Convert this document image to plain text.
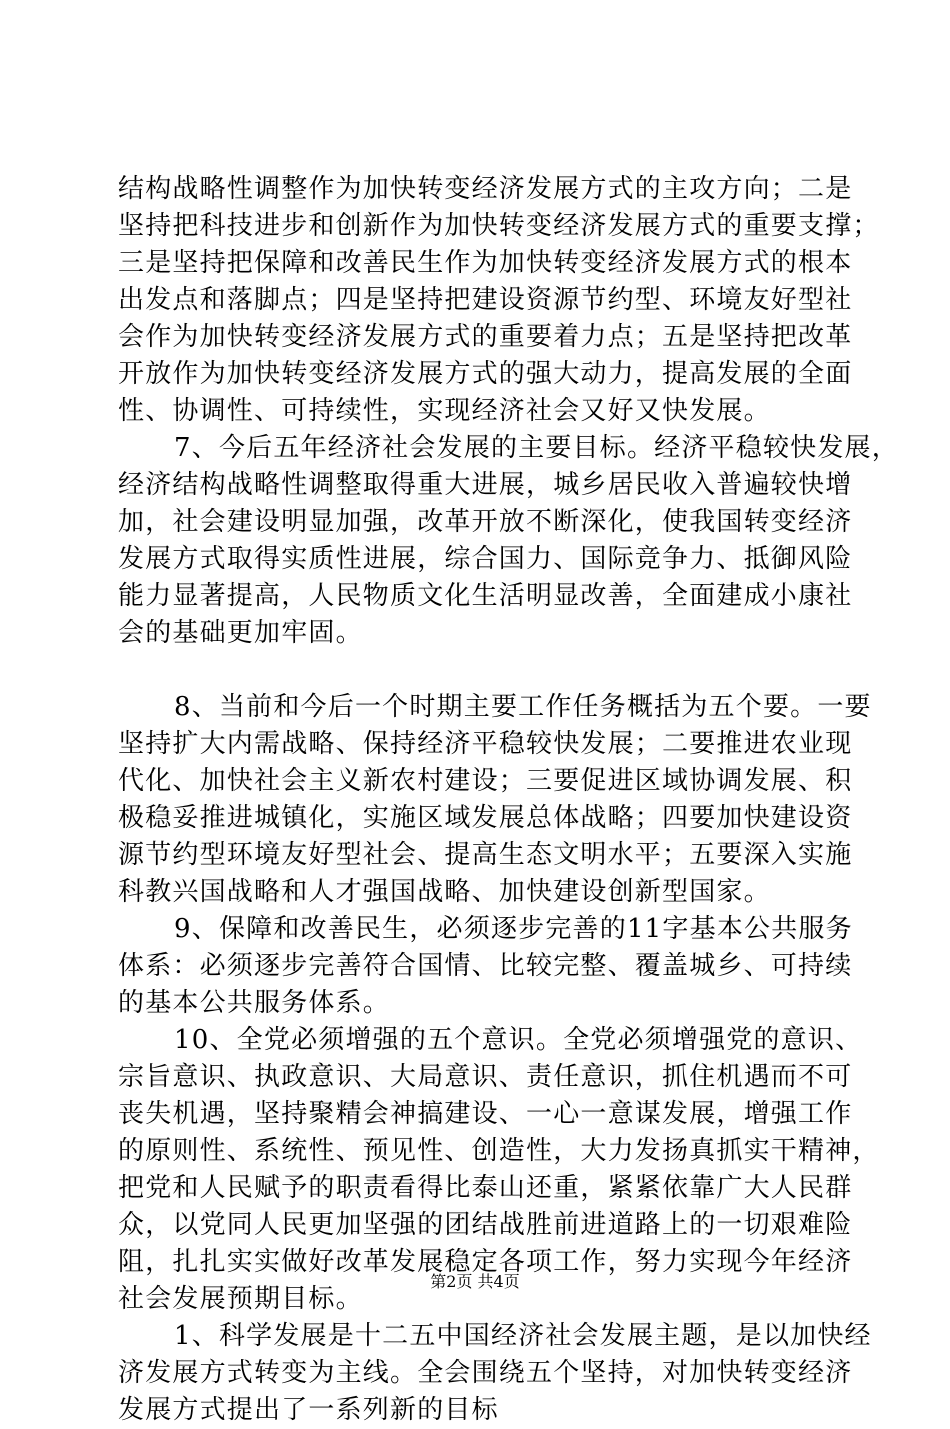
结构战略性调整作为加快转变经济发展方式的主攻方向；二是
坚持把科技进步和创新作为加快转变经济发展方式的重要支撑；
三是坚持把保障和改善民生作为加快转变经济发展方式的根本
出发点和落脚点；四是坚持把建设资源节约型、环境友好型社
会作为加快转变经济发展方式的重要着力点；五是坚持把改革
开放作为加快转变经济发展方式的强大动力，提高发展的全面
性、协调性、可持续性，实现经济社会又好又快发展。
7、今后五年经济社会发展的主要目标。经济平稳较快发展，
经济结构战略性调整取得重大进展，城乡居民收入普遍较快增
加，社会建设明显加强，改革开放不断深化，使我国转变经济
发展方式取得实质性进展，综合国力、国际竞争力、抵御风险
能力显著提高，人民物质文化生活明显改善，全面建成小康社
会的基础更加牢固。
8、当前和今后一个时期主要工作任务概括为五个要。一要
坚持扩大内需战略、保持经济平稳较快发展；二要推进农业现
代化、加快社会主义新农村建设；三要促进区域协调发展、积
极稳妥推进城镇化，实施区域发展总体战略；四要加快建设资
源节约型环境友好型社会、提高生态文明水平；五要深入实施
科教兴国战略和人才强国战略、加快建设创新型国家。
9、保障和改善民生，必须逐步完善的11字基本公共服务
体系：必须逐步完善符合国情、比较完整、覆盖城乡、可持续
的基本公共服务体系。
10、全党必须增强的五个意识。全党必须增强党的意识、
宗旨意识、执政意识、大局意识、责任意识，抓住机遇而不可
丧失机遇，坚持聚精会神搞建设、一心一意谋发展，增强工作
的原则性、系统性、预见性、创造性，大力发扬真抓实干精神，
把党和人民赋予的职责看得比泰山还重，紧紧依靠广大人民群
众，以党同人民更加坚强的团结战胜前进道路上的一切艰难险
阻，扎扎实实做好改革发展稳定各项工作，努力实现今年经济
社会发展预期目标。
1、科学发展是十二五中国经济社会发展主题，是以加快经
济发展方式转变为主线。全会围绕五个坚持，对加快转变经济
发展方式提出了一系列新的目标
第2页 共4页
